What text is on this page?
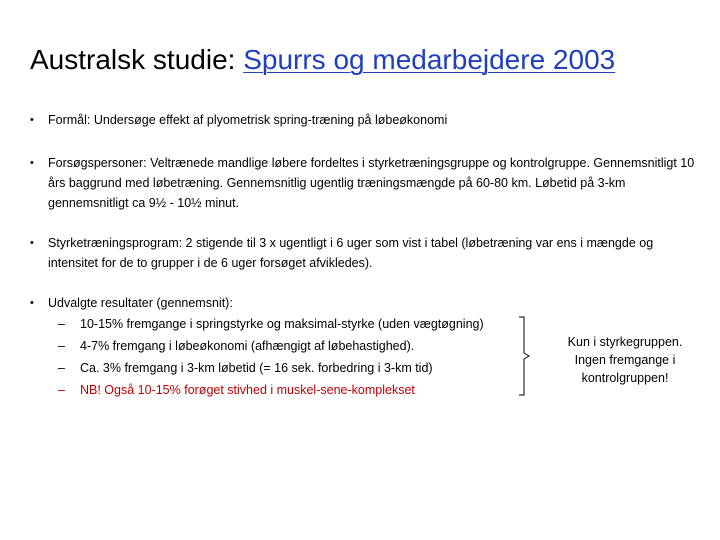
Australsk studie: Spurrs og medarbejdere 2003
•	Formål: Undersøge effekt af plyometrisk spring-træning på løbeøkonomi
•	Forsøgspersoner: Veltrænede mandlige løbere fordeltes i styrketræningsgruppe og kontrolgruppe. Gennemsnitligt 10 års baggrund med løbetræning. Gennemsnitlig ugentlig træningsmængde på 60-80 km. Løbetid på 3-km gennemsnitligt ca 9½ - 10½ minut.
•	Styrketræningsprogram: 2 stigende til 3 x ugentligt i 6 uger som vist i tabel (løbetræning var ens i mængde og intensitet for de to grupper i de 6 uger forsøget afvikledes).
•	Udvalgte resultater (gennemsnit):
–	10-15% fremgange i springstyrke og maksimal-styrke (uden vægtøgning)
–	4-7% fremgang i løbeøkonomi (afhængigt af løbehastighed).
–	Ca. 3% fremgang i 3-km løbetid (= 16 sek. forbedring i 3-km tid)
–	NB! Også 10-15% forøget stivhed i muskel-sene-komplekset
Kun i styrkegruppen.
Ingen fremgange i
kontrolgruppen!
